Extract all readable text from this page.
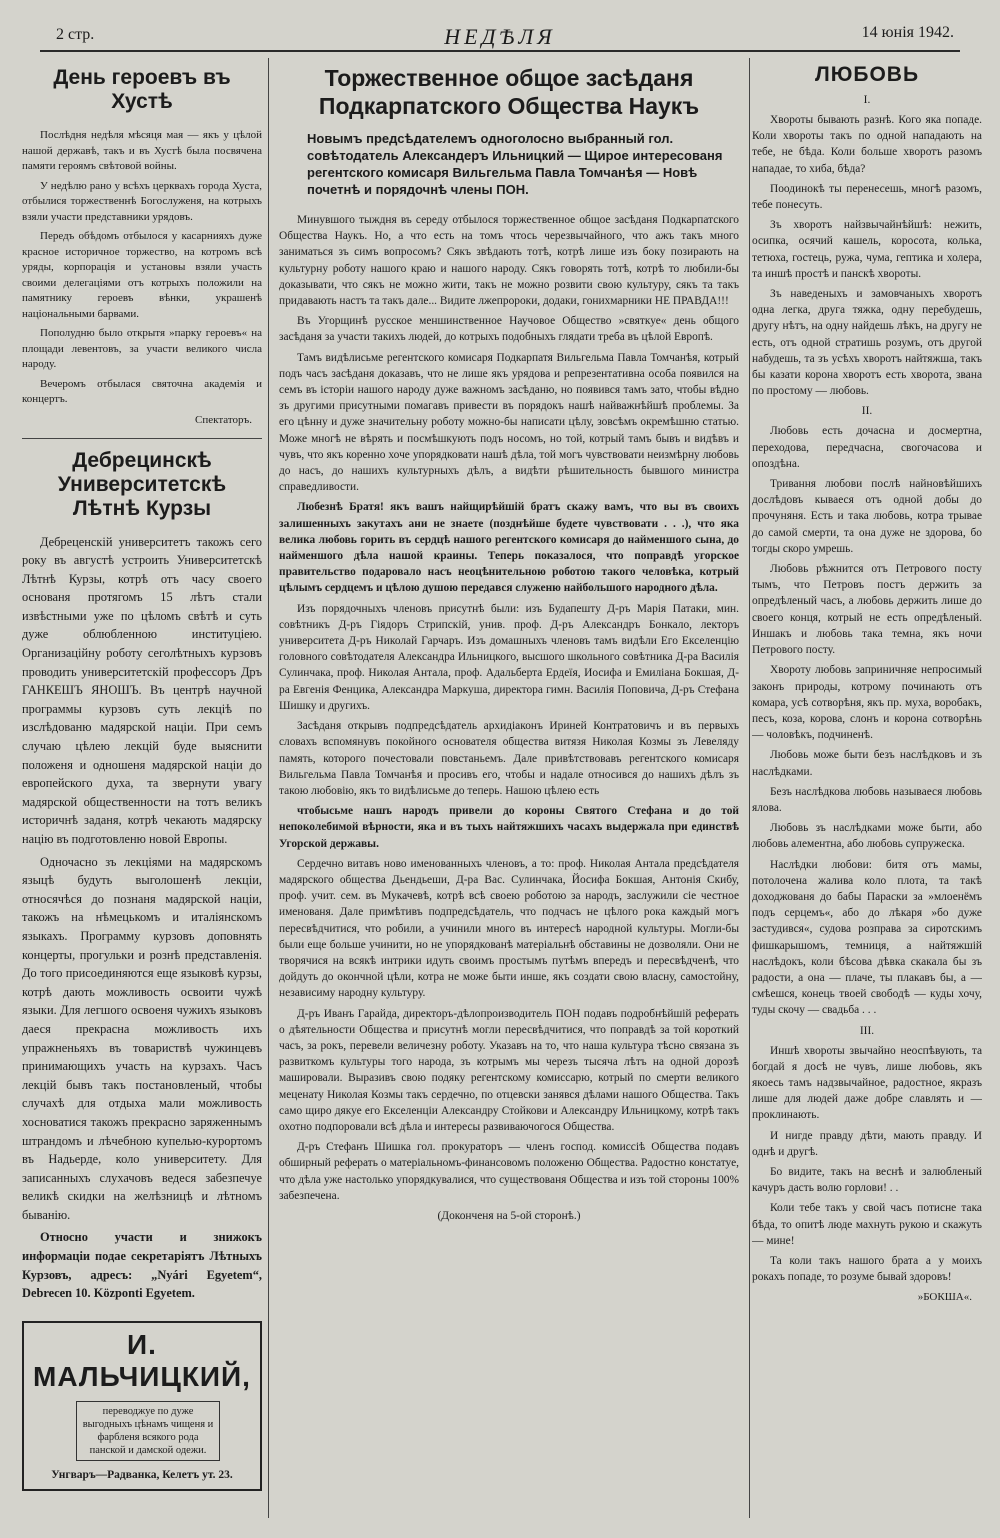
2 стр.	НЕДѢЛЯ	14 юнія 1942.
День героевъ въ Хустѣ

Послѣдня недѣля мѣсяця мая — якъ у цѣлой нашой державѣ, такъ и въ Хустѣ была посвячена памяти героямъ свѣтовой войны.

У недѣлю рано у всѣхъ церквахъ города Хуста, отбылися торжественнѣ Богослуженя, на котрыхъ взяли участи представники урядовъ.

Передъ обѣдомъ отбылося у касарнияхъ дуже красное историчное торжество, на котромъ всѣ уряды, корпорація и установы взяли участь своими делегаціями отъ котрыхъ положили на памятнику героевъ вѣнки, украшенѣ національными барвами.

Пополудню было открытя »парку героевъ« на площади левентовъ, за участи великого числа народу.

Вечеромъ отбылася святочна академія и концертъ.

Спектаторъ.
Дебрецинскѣ Университетскѣ Лѣтнѣ Курзы

Дебреценскій университетъ такожъ сего року въ августѣ устроить Университетскѣ Лѣтнѣ Курзы, котрѣ отъ часу своего основаня протягомъ 15 лѣтъ стали извѣстными уже по цѣломъ свѣтѣ и суть дуже облюбленною институціею. Организаційну роботу сеголѣтныхъ курзовъ проводить университетскій профессоръ Дръ ГАНКЕШЪ ЯНОШЪ. Въ центрѣ научной программы курзовъ суть лекціѣ по изслѣдованю мадярской націи. При семъ случаю цѣлею лекцій буде выяснити положеня и одношеня мадярской націи до европейского духа, та звернути увагу мадярской общественности на тотъ великъ историчнѣ заданя, котрѣ чекають мадярску націю въ подготовленю новой Европы.

Одночасно зъ лекціями на мадярскомъ языцѣ будуть выголошенѣ лекціи, относячѣся до познаня мадярской націи, такожъ на нѣмецькомъ и италіянскомъ языкахъ. Программу курзовъ доповнять концерты, прогульки и рознѣ представленія. До того присоединяются еще языковѣ курзы, котрѣ дають можливость освоити чужѣ языки. Для легшого освоеня чужихъ языковъ даеся прекрасна можливость ихъ упражненьяхъ въ товариствѣ чужинцевъ принимающихъ участь на курзахъ. Часъ лекцій бывъ такъ постановленый, чтобы случахѣ для отдыха мали можливость хосноватися такожъ прекрасно заряженнымъ штрандомъ и лѣчебною купелью-курортомъ въ Надьерде, коло университету. Для записанныхъ слухачовъ ведеся забезпечуе великѣ скидки на желѣзницѣ и лѣтномъ быванію.

Относно участи и знижокъ информаціи подае секретаріятъ Лѣтныхъ Курзовъ, адресъ: „Nyári Egyetem“, Debrecen 10. Központi Egyetem.

И. МАЛЬЧИЦКИЙ,
переводжуе по дуже выгодныхъ цѣнамъ чищеня и фарбленя всякого рода панской и дамской одежи.
Унгваръ—Радванка, Келетъ ут. 23.
Торжественное общое засѣданя Подкарпатского Общества Наукъ
Новымъ предсѣдателемъ одноголосно выбранный гол. совѣтодатель Александеръ Ильницкий — Щирое интересованя регентского комисаря Вильгельма Павла Томчанѣя — Новѣ почетнѣ и порядочнѣ члены ПОН.

Минувшого тыждня въ середу отбылося торжественное общое засѣданя Подкарпатского Общества Наукъ. Но, а что есть на томъ чтось черезвычайного, что ажъ такъ много заниматься зъ симъ вопросомъ? Сякъ звѣдають тотѣ, котрѣ лише изъ боку позирають на культурну роботу нашого краю и нашого народу. Сякъ говорять тотѣ, котрѣ то любили-бы доказывати, что сякъ не можно жити, такъ не можно розвити свою культуру, сякъ та такъ придавають настъ та такъ дале... Видите лжепророки, додаки, гонихмарники НЕ ПРАВДА!!!

Въ Угорщинѣ русское меншинственное Научовое Общество »святкуе« день общого засѣданя за участи такихъ людей, до котрыхъ подобныхъ глядати треба въ цѣлой Европѣ.

Тамъ видѣлисьме регентского комисаря Подкарпатя Вильгельма Павла Томчанѣя, котрый подъ часъ засѣданя доказавъ, что не лише якъ урядова и репрезентативна особа появился на семъ въ історіи нашого народу дуже важномъ засѣданю, но появився тамъ зато, чтобы вѣдно зъ другими присутными помагавъ привести въ порядокъ нашѣ найважнѣйшѣ проблемы. За его цѣнну и дуже значительну роботу можно-бы написати цѣлу, зовсѣмъ окремѣшню статью. Може многѣ не вѣрять и посмѣшкують подъ носомъ, но той, котрый тамъ бывъ и видѣвъ и чувъ, что якъ коренно хоче упорядковати нашѣ дѣла, той могъ чувствовати неизмѣрну любовь до насъ, до нашихъ культурныхъ дѣлъ, а видѣти рѣшительность бывшого министра справедливости.

Любезнѣ Братя! якъ вашъ найщирѣйшій братъ скажу вамъ, что вы въ своихъ залишенныхъ закутахъ ани не знаете (позднѣйше будете чувствовати . . .), что яка велика любовь горить въ сердцѣ нашого регентского комисаря до найменшого сына, до найменшого дѣла нашой краины. Теперь показалося, что поправдѣ угорское правительство подаровало насъ неоцѣнительною роботою такого человѣка, котрый цѣлымъ сердцемъ и цѣлою душою передався служеню найбольшого народного дѣла.

Изъ порядочныхъ членовъ присутнѣ были: изъ Будапешту Д-ръ Марія Патаки, мин. совѣтникъ Д-ръ Гіядоръ Стрипскій, унив. проф. Д-ръ Александръ Бонкало, лекторъ университета Д-ръ Николай Гарчаръ. Изъ домашныхъ членовъ тамъ видѣли Его Екселенцію головного совѣтодателя Александра Ильницкого, высшого школьного совѣтника Д-ра Василія Сулинчака, проф. Николая Антала, проф. Адальберта Ердеїя, Иосифа и Емиліана Бокшая, Д-ра Евгенія Фенцика, Александра Маркуша, директора гимн. Василія Поповича, Д-ръ Стефана Шишку и другихъ.

Засѣданя открывъ подпредсѣдатель архидіаконъ Ириней Контратовичъ и въ первыхъ словахъ вспомянувъ покойного основателя общества витязя Николая Козмы зъ Левеляду память, которого почестовали повстаньемъ. Дале привѣтствовавъ регентского комисаря Вильгельма Павла Томчанѣя и просивъ его, чтобы и надале относився до нашихъ дѣлъ зъ такою любовію, якъ то видѣлисьме до теперь. Нашою цѣлею есть

чтобысьме нашъ народъ привели до короны Святого Стефана и до той непоколебимой вѣрности, яка и въ тыхъ найтяжшихъ часахъ выдержала при единствѣ Угорской державы.

Сердечно витавъ ново именованныхъ членовъ, а то: проф. Николая Антала предсѣдателя мадярского общества Дьендьеши, Д-ра Вас. Сулинчака, Йосифа Бокшая, Антонія Скибу, проф. учит. сем. въ Мукачевѣ, котрѣ всѣ своею роботою за народъ, заслужили сіе честное именованя. Дале примѣтивъ подпредсѣдатель, что подчасъ не цѣлого рока каждый могъ пересвѣдчитися, что робили, а учинили много въ интересѣ народной культуры. Могли-бы были еще больше учинити, но не упорядкованѣ матеріальнѣ обставины не дозволяли. Они не творячися на всякѣ интрики идуть своимъ простымъ путѣмъ впередъ и пересвѣдченѣ, что дойдуть до окончной цѣли, котра не може быти инше, якъ создати свою власну, самостойну, независиму народну культуру.

Д-ръ Иванъ Гарайда, директоръ-дѣлопроизводитель ПОН подавъ подробнѣйшій реферать о дѣятельности Общества и присутнѣ могли пересвѣдчитися, что поправдѣ за той короткий часъ, за рокъ, перевели величезну роботу. Указавъ на то, что наша культура тѣсно связана зъ развиткомъ культуры того народа, зъ котрымъ мы черезъ тысяча лѣтъ на одной дорозѣ машировали. Выразивъ свою подяку регентскому комиссарю, котрый по смерти великого меценату Николая Козмы такъ сердечно, по отцевски занявся дѣлами нашого Общества. Такъ само щиро дякуе его Екселенціи Александру Стойкови и Александру Ильницкому, котрѣ такъ охотно подпоровали всѣ дѣла и интересы развиваючогося Общества.

Д-ръ Стефанъ Шишка гол. прокураторъ — членъ господ. комиссіѣ Общества подавъ обширный реферать о матеріальномъ-финансовомъ положеню Общества. Радостно констатуе, что дѣла уже настолько упорядкувалися, что существованя Общества и изъ той стороны 100% забезпечена.

(Доконченя на 5-ой сторонѣ.)
ЛЮБОВЬ
I.

Хвороты бывають разнѣ. Кого яка попаде. Коли хвороты такъ по одной нападають на тебе, не бѣда. Коли больше хворотъ разомъ нападае, то хиба, бѣда?

Поодинокѣ ты перенесешь, многѣ разомъ, тебе понесуть.

Зъ хворотъ найзвычайнѣйшѣ: нежить, осипка, осячий кашель, коросота, колька, тетюха, гостець, ружа, чума, гептика и холера, та иншѣ простѣ и панскѣ хвороты.

Зъ наведеныхъ и замовчаныхъ хворотъ одна легка, друга тяжка, одну перебудешь, другу нѣтъ, на одну найдешь лѣкъ, на другу не есть, отъ одной стратишь розумъ, отъ другой набудешь, та зъ усѣхъ хворотъ найтяжша, такъ бы казати корона хворотъ есть хворота, звана по простому — любовь.

II.

Любовь есть дочасна и досмертна, переходова, передчасна, свогочасова и опоздѣна.

Тривання любови послѣ найновѣйшихъ дослѣдовъ кываеся отъ одной добы до прочуняня. Есть и така любовь, котра трывае до самой смерти, та она дуже не здорова, бо тогды скоро умрешь.

Любовь рѣжнится отъ Петрового посту тымъ, что Петровъ постъ держить за опредѣленый часъ, а любовь держить лише до своего конця, котрый не есть опредѣленый. Иншакъ и любовь така темна, якъ ночи Петрового посту.

Хвороту любовь заприничняе непросимый законъ природы, котрому починають отъ комара, усѣ сотворѣня, якъ пр. муха, воробакъ, песъ, коза, корова, слонъ и корона сотворѣнь — чоловѣкъ, подчиненѣ.

Любовь може быти безъ наслѣдковъ и зъ наслѣдками.

Безъ наслѣдкова любовь называеся любовь ялова.

Любовь зъ наслѣдками може быти, або любовь алементна, або любовь супружеска.

Наслѣдки любови: битя отъ мамы, потолочена жалива коло плота, та такѣ доходжованя до бабы Параски за »млоенёмъ подъ серцемъ«, або до лѣкаря »бо дуже застудився«, судова розправа за сиротскимъ фишкарышомъ, темниця, а найтяжшій наслѣдокъ, коли бѣсова дѣвка скакала бы зъ радости, а она — плаче, ты плакавъ бы, а — смѣешся, конець твоей свободѣ — куды хочу, туды скочу — свадьба . . .

III.

Иншѣ хвороты звычайно неоспѣвують, та богдай я досѣ не чувъ, лише любовь, якъ якоесь тамъ надзвычайное, радостное, якразъ лише для людей даже добре славлять и — проклинають.

И нигде правду дѣти, мають правду. И однѣ и другѣ.

Бо видите, такъ на веснѣ и залюбленый качуръ дасть волю горлови! . .

Коли тебе такъ у свой часъ потисне така бѣда, то опитѣ люде махнуть рукою и скажуть — мине!

Та коли такъ нашого брата а у моихъ рокахъ попаде, то розуме бывай здоровъ!

»БОКША«.
